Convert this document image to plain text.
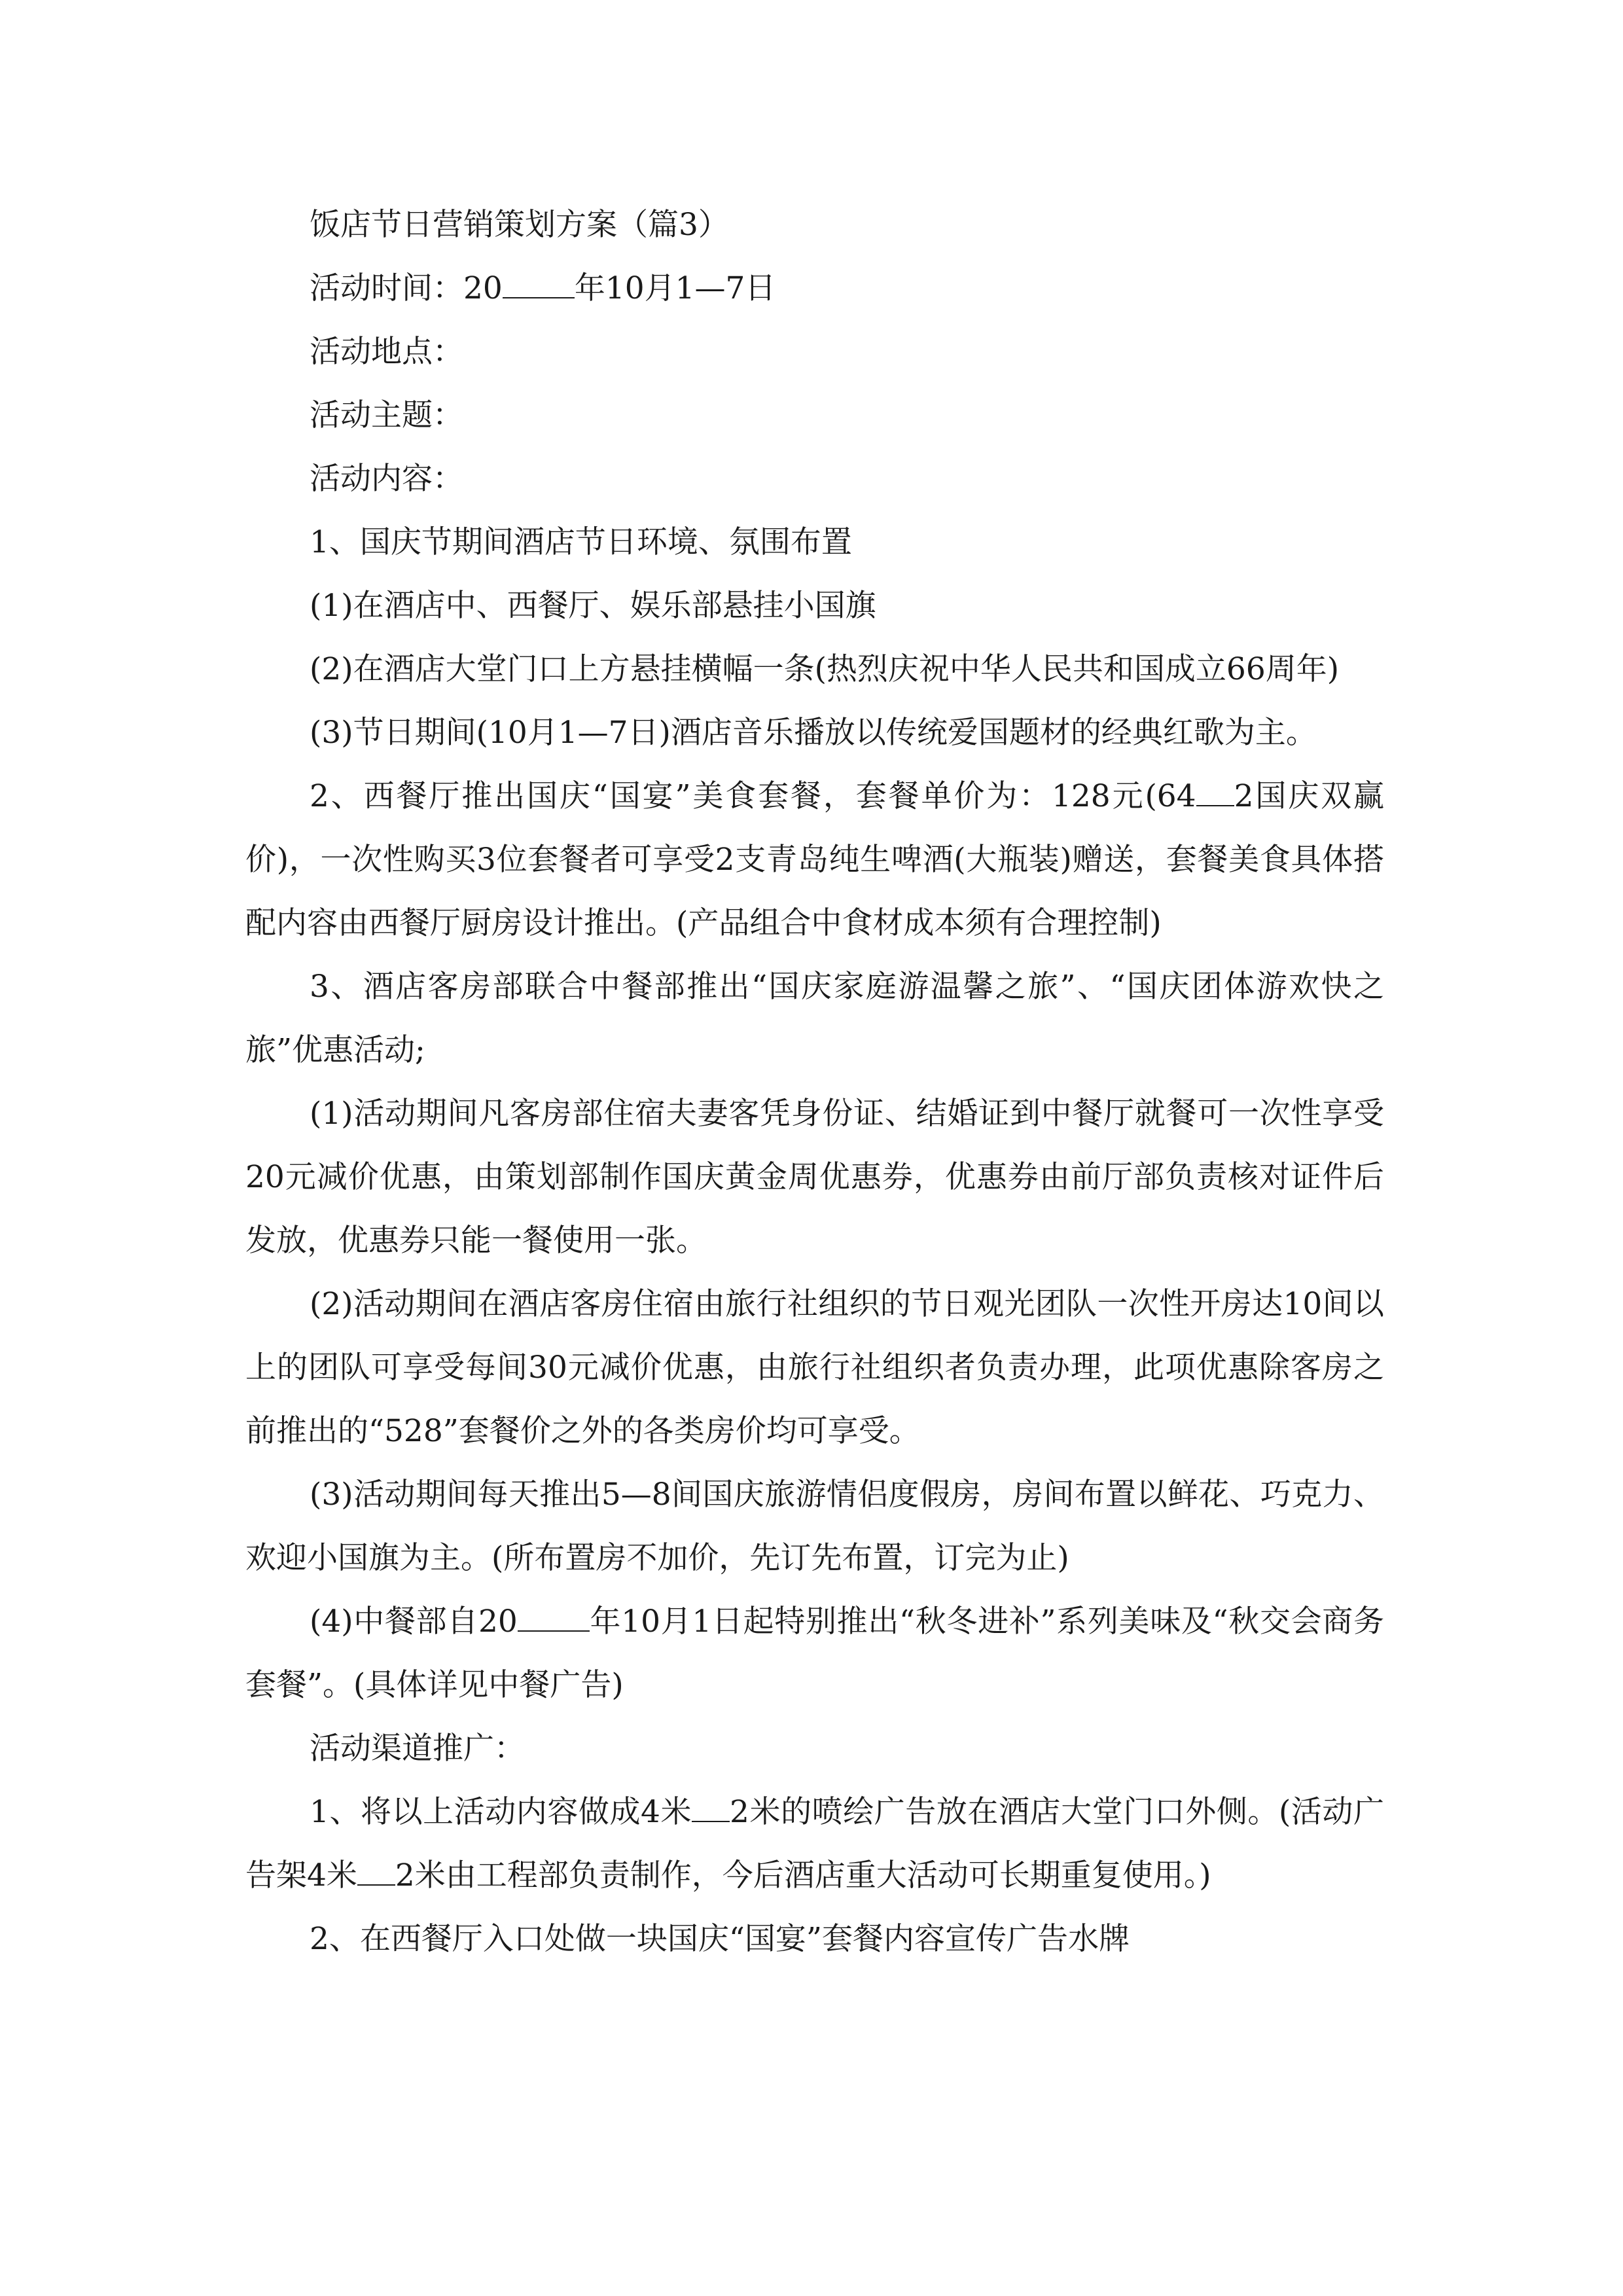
饭店节日营销策划方案（篇3）

活动时间：20 年10月1—7日

活动地点：

活动主题：

活动内容：

1、国庆节期间酒店节日环境、氛围布置

(1)在酒店中、西餐厅、娱乐部悬挂小国旗

(2)在酒店大堂门口上方悬挂横幅一条(热烈庆祝中华人民共和国成立66周年)

(3)节日期间(10月1—7日)酒店音乐播放以传统爱国题材的经典红歌为主。

2、西餐厅推出国庆“国宴”美食套餐，套餐单价为：128元(64 2国庆双赢价)，一次性购买3位套餐者可享受2支青岛纯生啤酒(大瓶装)赠送，套餐美食具体搭配内容由西餐厅厨房设计推出。(产品组合中食材成本须有合理控制)

3、酒店客房部联合中餐部推出“国庆家庭游温馨之旅”、“国庆团体游欢快之旅”优惠活动;

(1)活动期间凡客房部住宿夫妻客凭身份证、结婚证到中餐厅就餐可一次性享受20元减价优惠，由策划部制作国庆黄金周优惠券，优惠券由前厅部负责核对证件后发放，优惠券只能一餐使用一张。

(2)活动期间在酒店客房住宿由旅行社组织的节日观光团队一次性开房达10间以上的团队可享受每间30元减价优惠，由旅行社组织者负责办理，此项优惠除客房之前推出的“528”套餐价之外的各类房价均可享受。

(3)活动期间每天推出5—8间国庆旅游情侣度假房，房间布置以鲜花、巧克力、欢迎小国旗为主。(所布置房不加价，先订先布置，订完为止)

(4)中餐部自20 年10月1日起特别推出“秋冬进补”系列美味及“秋交会商务套餐”。(具体详见中餐广告)

活动渠道推广：

1、将以上活动内容做成4米 2米的喷绘广告放在酒店大堂门口外侧。(活动广告架4米 2米由工程部负责制作，今后酒店重大活动可长期重复使用。)

2、在西餐厅入口处做一块国庆“国宴”套餐内容宣传广告水牌
